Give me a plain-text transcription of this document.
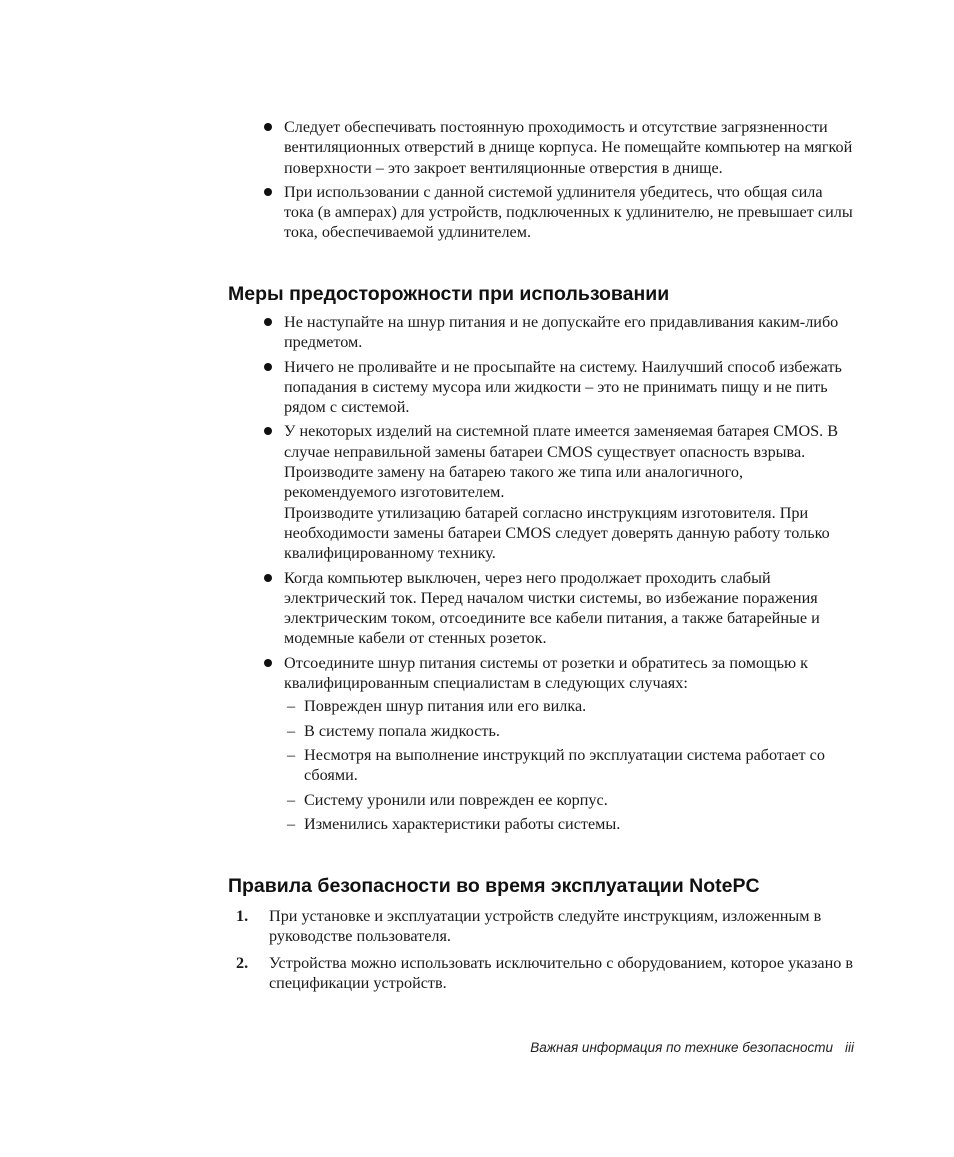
Следует обеспечивать постоянную проходимость и отсутствие загрязненности вентиляционных отверстий в днище корпуса. Не помещайте компьютер на мягкой поверхности – это закроет вентиляционные отверстия в днище.
При использовании с данной системой удлинителя убедитесь, что общая сила тока (в амперах) для устройств, подключенных к удлинителю, не превышает силы тока, обеспечиваемой удлинителем.
Меры предосторожности при использовании
Не наступайте на шнур питания и не допускайте его придавливания каким-либо предметом.
Ничего не проливайте и не просыпайте на систему. Наилучший способ избежать попадания в систему мусора или жидкости – это не принимать пищу и не пить рядом с системой.
У некоторых изделий на системной плате имеется заменяемая батарея CMOS. В случае неправильной замены батареи CMOS существует опасность взрыва. Производите замену на батарею такого же типа или аналогичного, рекомендуемого изготовителем.
Производите утилизацию батарей согласно инструкциям изготовителя. При необходимости замены батареи CMOS следует доверять данную работу только квалифицированному технику.
Когда компьютер выключен, через него продолжает проходить слабый электрический ток. Перед началом чистки системы, во избежание поражения электрическим током, отсоедините все кабели питания, а также батарейные и модемные кабели от стенных розеток.
Отсоедините шнур питания системы от розетки и обратитесь за помощью к квалифицированным специалистам в следующих случаях:
– Поврежден шнур питания или его вилка.
– В систему попала жидкость.
– Несмотря на выполнение инструкций по эксплуатации система работает со сбоями.
– Систему уронили или поврежден ее корпус.
– Изменились характеристики работы системы.
Правила безопасности во время эксплуатации NotePC
1. При установке и эксплуатации устройств следуйте инструкциям, изложенным в руководстве пользователя.
2. Устройства можно использовать исключительно с оборудованием, которое указано в спецификации устройств.
Важная информация по технике безопасности iii
